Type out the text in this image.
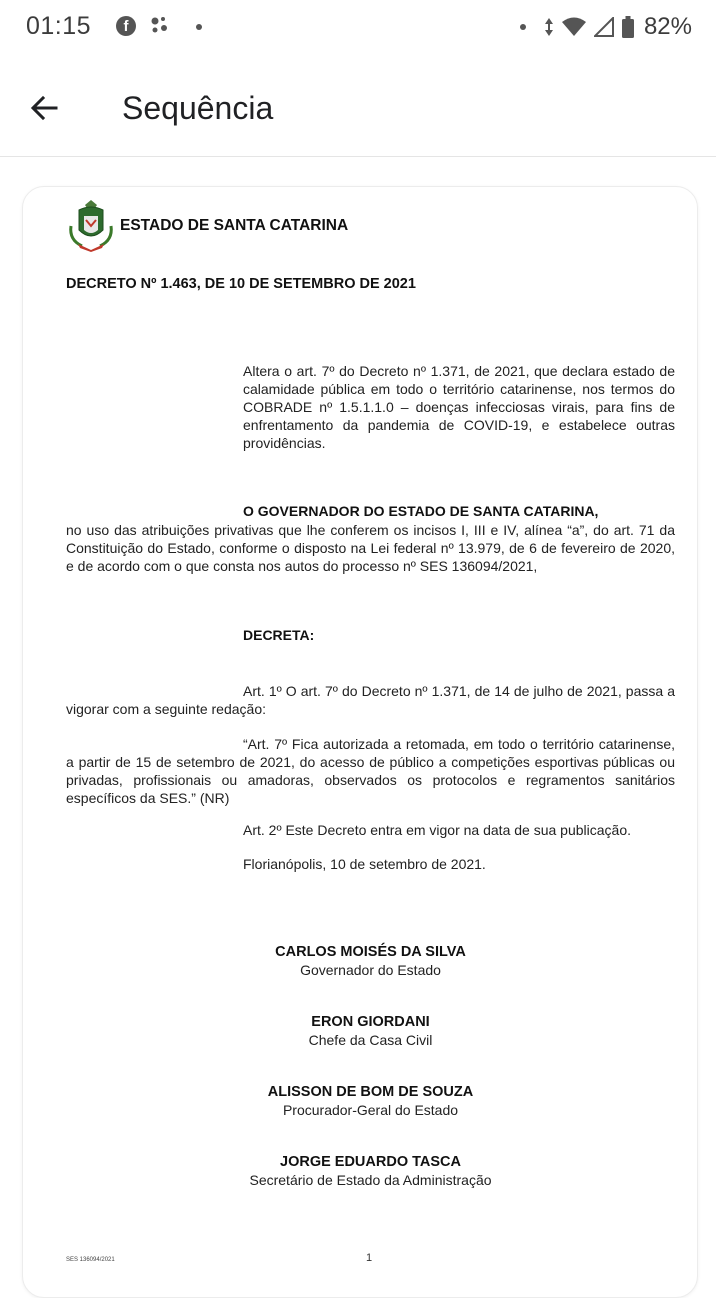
01:15	f	82%
Sequência
ESTADO DE SANTA CATARINA
DECRETO Nº 1.463, DE 10 DE SETEMBRO DE 2021
Altera o art. 7º do Decreto nº 1.371, de 2021, que declara estado de calamidade pública em todo o território catarinense, nos termos do COBRADE nº 1.5.1.1.0 – doenças infecciosas virais, para fins de enfrentamento da pandemia de COVID-19, e estabelece outras providências.
O GOVERNADOR DO ESTADO DE SANTA CATARINA,
no uso das atribuições privativas que lhe conferem os incisos I, III e IV, alínea “a”, do art. 71 da Constituição do Estado, conforme o disposto na Lei federal nº 13.979, de 6 de fevereiro de 2020, e de acordo com o que consta nos autos do processo nº SES 136094/2021,
DECRETA:
Art. 1º O art. 7º do Decreto nº 1.371, de 14 de julho de 2021, passa a vigorar com a seguinte redação:
“Art. 7º Fica autorizada a retomada, em todo o território catarinense, a partir de 15 de setembro de 2021, do acesso de público a competições esportivas públicas ou privadas, profissionais ou amadoras, observados os protocolos e regramentos sanitários específicos da SES.” (NR)
Art. 2º Este Decreto entra em vigor na data de sua publicação.
Florianópolis, 10 de setembro de 2021.
CARLOS MOISÉS DA SILVA
Governador do Estado
ERON GIORDANI
Chefe da Casa Civil
ALISSON DE BOM DE SOUZA
Procurador-Geral do Estado
JORGE EDUARDO TASCA
Secretário de Estado da Administração
SES 136094/2021	1
